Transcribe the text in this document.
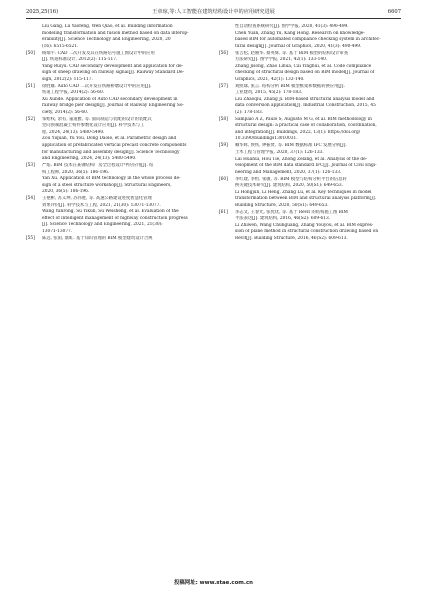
2025,25(16)	王章琼,等:人工智能在建筑结构设计中的应用研究进展	6607
Liu Gang, Lu Yaofeng, Wen Qiao, et al. Building information
modeling transformation and fusion method based on data interop-
erability[J]. Science Technology and Engineering, 2020, 20
(16): 6515-6521.
[50]	杨瑞宇. CAD 二次开发及其在铁路信号施工图设计中的应用
[J]. 铁道标准设计, 2012(2): 115-117.
Yang Ruiyu. CAD secondary development and application for de-
sign of sheep drawing on railway signal[J]. Railway Standard De-
sign, 2012(2): 115-117.
[51]	徐胜雄. Auto CAD 二次开发在铁路桥墩设计中的应用[J].
铁道工程学报, 2014(2): 56-60.
Xu Xunde. Application of Auto CAD secondary development in
railway bridge pier design[J]. Journal of Railway Engineering So-
ciety, 2014(2): 56-60.
[52]	邹贻权, 余有, 董道雅, 等. 面向制造与装配的设计的装配式
竖向预制混凝土构件参数化设计应用[J]. 科学技术与工
程, 2024, 24(13): 5480-5490.
Zou Yiquan, Yu You, Dong Daole, et al. Parametric design and
application of prefabricated vertical precast concrete components
for manufacturing and assembly design[J]. Science Technology
and Engineering, 2024, 24(13): 5480-5490.
[53]	严焰. BIM 技术在某钢结构厂房全过程设计中的应用[J]. 结
构工程师, 2020, 36(5): 186-196.
Yan Xu. Application of BIM technology in the whole process de-
sign of a steel structure workshop[J]. Structural Engineers,
2020, 36(5): 186-196.
[54]	王艳彬, 苏义坤, 苏伟胜, 等. 高速公路建设进度智慧化管理
效果评价[J]. 科学技术与工程, 2021, 21(30): 13071-13077.
Wang Yanrong, Su Yikun, Su Weisheng, et al. Evaluation of the
effect of intelligent management of highway construction progress
[J]. Science Technology and Engineering, 2021, 21(30):
13071-13077.
[55]	陈远, 张雨, 康虹. 基于知识管理的 BIM 模型建筑设计合规
性自动检查系统研究[J]. 图学学报, 2020, 41(3): 490-499.
Chen Yuan, Zhang Yu, Kang Hong. Research on knowledge-
based BIM for automated compliance checking system in architec-
tural design[J]. Journal of Graphics, 2020, 41(3): 490-499.
[56]	张吉松, 赵丽华, 蔡英辉, 等. 基于 BIM 模型的结构设计审查
方法研究[J]. 图学学报, 2021, 42(1): 133-140.
Zhang Jisong, Zhao Lihua, Cai Yinghui, et al. Code compliance
checking of structural design based on BIM model[J]. Journal of
Graphics, 2021, 42(1): 133-140.
[57]	刘照球, 张言. 结构分析 BIM 模型框架和数据转换应用[J].
工业建筑, 2015, 45(2): 178-183.
Liu Zhaoqiu, Zhang Ji. BIM-based structural analysis model and
data conversion application[J]. Industrial Construction, 2015, 45
(2): 178-183.
[58]	Sampaio A Z, Paulo S, Augusto M G, et al. BIM methodology in
structural design: a practical case of collaboration, coordination,
and integration[J]. Buildings, 2022, 13(1): https://doi.org/
10.3390/buildings13010031.
[59]	赖华辉, 侯铁, 钟振贤, 等. BIM 数据标准 IFC 发展分析[J].
土木工程与管理学报, 2020, 37(1): 126-133.
Lai Huahui, Hou Tie, Zhong Zelang, et al. Analysis of the de-
velopment of the BIM data standard IFC[J]. Journal of Civil Engi-
neering and Management, 2020, 37(1): 126-133.
[60]	李红建, 李恒, 张敏, 等. BIM 模型与结构分析平台的信息转
换关键技术研究[J]. 建筑结构, 2020, 50(S1): 649-653.
Li Hongjun, Li Heng, Zhang Lu, et al. Key techniques in model
transformation between BIM and structural analysis platform[J].
Building Structure, 2020, 50(S1): 649-653.
[61]	李志文, 王春光, 张优优, 等. 基于 Revit 的结构施工图 BIM
平法表达[J]. 建筑结构, 2016, 46(S2): 609-613.
Li Zhiwen, Wang Chunguang, Zhang Youyou, et al. BIM expres-
sion of plane method in structural construction drawing based on
Revit[J]. Building Structure, 2016, 46(S2): 609-613.
投稿网址: www.stae.com.cn
